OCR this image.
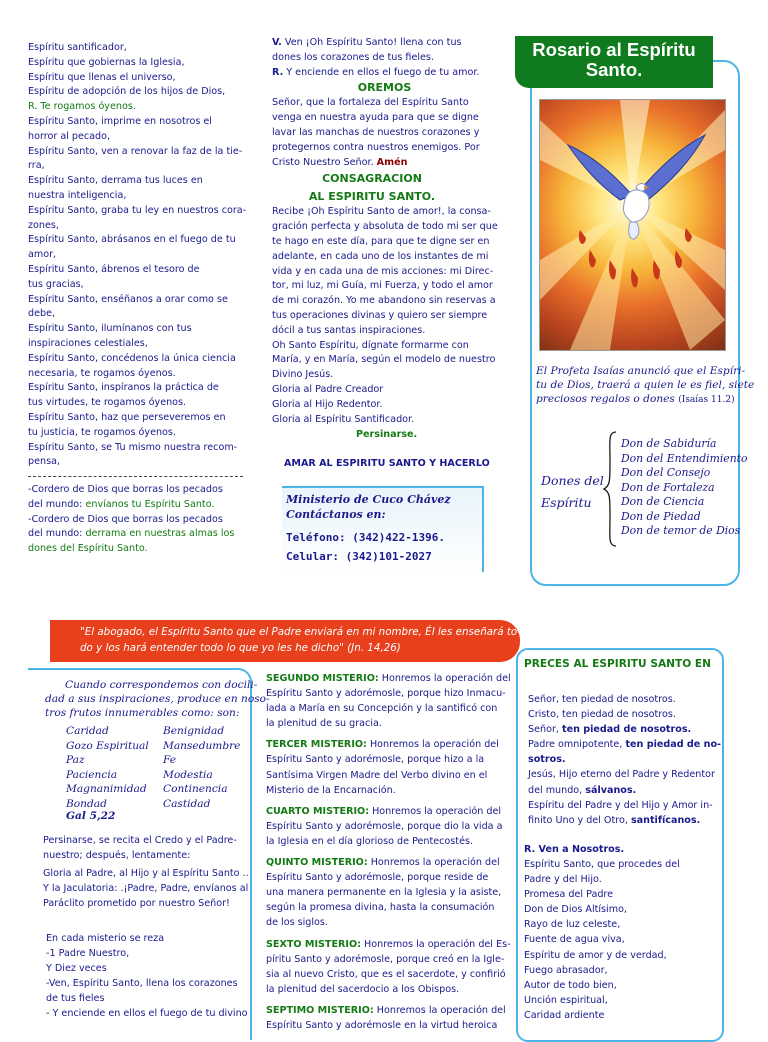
Espíritu santificador,
Espíritu que gobiernas la Iglesia,
Espíritu que llenas el universo,
Espíritu de adopción de los hijos de Dios,
R. Te rogamos óyenos.
Espíritu Santo, imprime en nosotros el
horror al pecado,
Espíritu Santo, ven a renovar la faz de la tie-
rra,
Espíritu Santo, derrama tus luces en
nuestra inteligencia,
Espíritu Santo, graba tu ley en nuestros cora-
zones,
Espíritu Santo, abrásanos en el fuego de tu
amor,
Espíritu Santo, ábrenos el tesoro de
tus gracias,
Espíritu Santo, enséñanos a orar como se
debe,
Espíritu Santo, ilumínanos con tus
inspiraciones celestiales,
Espíritu Santo, concédenos la única ciencia
necesaria, te rogamos óyenos.
Espíritu Santo, inspíranos la práctica de
tus virtudes, te rogamos óyenos.
Espíritu Santo, haz que perseveremos en
tu justicia, te rogamos óyenos.
Espíritu Santo, se Tu mismo nuestra recom-
pensa,
-Cordero de Dios que borras los pecados
del mundo: envíanos tu Espíritu Santo.
-Cordero de Dios que borras los pecados
del mundo: derrama en nuestras almas los
dones del Espíritu Santo.
V. Ven ¡Oh Espíritu Santo! llena con tus
dones los corazones de tus fieles.
R. Y enciende en ellos el fuego de tu amor.
OREMOS
Señor, que la fortaleza del Espíritu Santo
venga en nuestra ayuda para que se digne
lavar las manchas de nuestros corazones y
protegernos contra nuestros enemigos. Por
Cristo Nuestro Señor. Amén
CONSAGRACION
AL ESPIRITU SANTO.
Recibe ¡Oh Espíritu Santo de amor!, la consa-
gración perfecta y absoluta de todo mi ser que
te hago en este día, para que te digne ser en
adelante, en cada uno de los instantes de mi
vida y en cada una de mis acciones: mi Direc-
tor, mi luz, mi Guía, mi Fuerza, y todo el amor
de mi corazón. Yo me abandono sin reservas a
tus operaciones divinas y quiero ser siempre
dócil a tus santas inspiraciones.
Oh Santo Espíritu, dígnate formarme con
María, y en María, según el modelo de nuestro
Divino Jesús.
Gloria al Padre Creador
Gloria al Hijo Redentor.
Gloria al Espíritu Santificador.
Persinarse.
AMAR AL ESPIRITU SANTO Y HACERLO
Ministerio de Cuco Chávez
Contáctanos en:
Teléfono: (342)422-1396.
Celular: (342)101-2027
Rosario al Espíritu
Santo.
El Profeta Isaías anunció que el Espíri-
tu de Dios, traerá a quien le es fiel, siete
preciosos regalos o dones (Isaías 11.2)
Dones del
Espíritu
Don de Sabiduría
Don del Entendimiento
Don del Consejo
Don de Fortaleza
Don de Ciencia
Don de Piedad
Don de temor de Dios
"El abogado, el Espíritu Santo que el Padre enviará en mi nombre, Él les enseñará to-
do y los hará entender todo lo que yo les he dicho" (Jn. 14,26)
Cuando correspondemos con docili-
dad a sus inspiraciones, produce en noso-
tros frutos innumerables como: son:
Caridad
Gozo Espiritual
Paz
Paciencia
Magnanimidad
Bondad
Benignidad
Mansedumbre
Fe
Modestia
Continencia
Castidad
Gal 5,22
Persinarse, se recita el Credo y el Padre-
nuestro; después, lentamente:
Gloria al Padre, al Hijo y al Espíritu Santo ..
Y la Jaculatoria: .¡Padre, Padre, envíanos al
Paráclito prometido por nuestro Señor!
En cada misterio se reza
-1 Padre Nuestro,
Y Diez veces
-Ven, Espíritu Santo, llena los corazones
de tus fieles
- Y enciende en ellos el fuego de tu divino
SEGUNDO MISTERIO: Honremos la operación del
Espíritu Santo y adorémosle, porque hizo Inmacu-
lada a María en su Concepción y la santificó con
la plenitud de su gracia.
TERCER MISTERIO: Honremos la operación del
Espíritu Santo y adorémosle, porque hizo a la
Santísima Virgen Madre del Verbo divino en el
Misterio de la Encarnación.
CUARTO MISTERIO: Honremos la operación del
Espíritu Santo y adorémosle, porque dio la vida a
la Iglesia en el día glorioso de Pentecostés.
QUINTO MISTERIO: Honremos la operación del
Espíritu Santo y adorémosle, porque reside de
una manera permanente en la Iglesia y la asiste,
según la promesa divina, hasta la consumación
de los siglos.
SEXTO MISTERIO: Honremos la operación del Es-
píritu Santo y adorémosle, porque creó en la Igle-
sia al nuevo Cristo, que es el sacerdote, y confirió
la plenitud del sacerdocio a los Obispos.
SEPTIMO MISTERIO: Honremos la operación del
Espíritu Santo y adorémosle en la virtud heroica
PRECES AL ESPIRITU SANTO EN
Señor, ten piedad de nosotros.
Cristo, ten piedad de nosotros.
Señor, ten piedad de nosotros.
Padre omnipotente, ten piedad de no-
sotros.
Jesús, Hijo eterno del Padre y Redentor
del mundo, sálvanos.
Espíritu del Padre y del Hijo y Amor in-
finito Uno y del Otro, santifícanos.
R. Ven a Nosotros.
Espíritu Santo, que procedes del
Padre y del Hijo.
Promesa del Padre
Don de Dios Altísimo,
Rayo de luz celeste,
Fuente de agua viva,
Espíritu de amor y de verdad,
Fuego abrasador,
Autor de todo bien,
Unción espiritual,
Caridad ardiente
